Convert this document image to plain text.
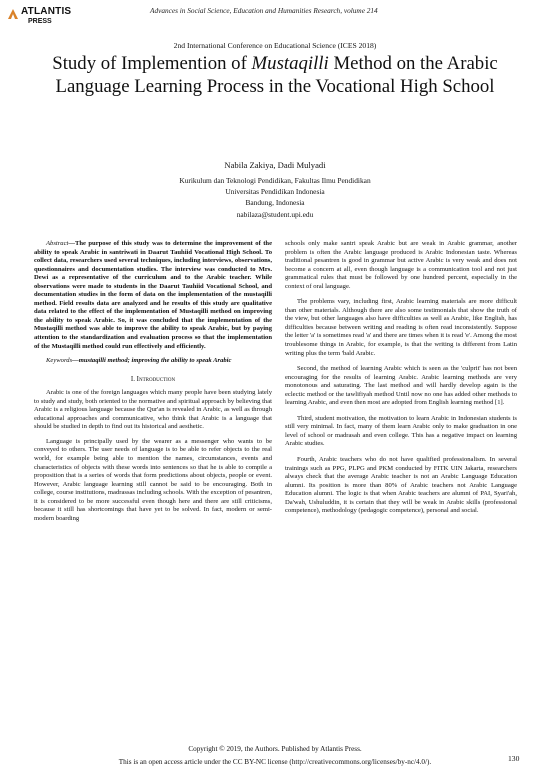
ATLANTIS
PRESS
Advances in Social Science, Education and Humanities Research, volume 214
2nd International Conference on Educational Science (ICES 2018)
Study of Implemention of Mustaqilli Method on the Arabic Language Learning Process in the Vocational High School
Nabila Zakiya, Dadi Mulyadi
Kurikulum dan Teknologi Pendidikan, Fakultas Ilmu Pendidikan
Universitas Pendidikan Indonesia
Bandung, Indonesia
nabilaza@student.upi.edu

Abstract—The purpose of this study was to determine the improvement of the ability to speak Arabic in santriwati in Daarut Tauhiid Vocational High School. To collect data, researchers used several techniques, including interviews, observations, questionnaires and documentation studies. The interview was conducted to Mrs. Dewi as a representative of the curriculum and to the Arabic teacher. While observations were made to students in the Daarut Tauhiid Vocational School, and documentation studies in the form of data on the implementation of the mustaqilli method. Field results data are analyzed and he results of this study are qualitative data related to the effect of the implementation of Mustaqilli method on improving the ability to speak Arabic. So, it was concluded that the implementation of the Mustaqilli method was able to improve the ability to speak Arabic, but by paying attention to the standardization and evaluation process so that the implementation of the Mustaqilli method could run effectively and efficiently.

Keywords—mustaqilli method; improving the ability to speak Arabic

I. Introduction

Arabic is one of the foreign languages which many people have been studying lately to study and study, both oriented to the normative and spiritual approach by believing that Arabic is a religious language because the Qur'an is revealed in Arabic, as well as through educational approaches and communicative, who think that Arabic is a language that should be studied in depth to find out its historical and aesthetic.

Language is principally used by the wearer as a messenger who wants to be conveyed to others. The user needs of language is to be able to refer objects to the real world, for example being able to mention the names, circumstances, events and characteristics of objects with these words into sentences so that he is able to compile a proposition that is a series of words that form predictions about objects, people or event. However, Arabic language learning still cannot be said to be encouraging. Both in college, course institutions, madrassas including schools. With the exception of pesantren, it is considered to be more successful even though here and there are still criticisms, because it still has shortcomings that have yet to be solved. In fact, modern or semi-modern boarding

schools only make santri speak Arabic but are weak in Arabic grammar, another problem is often the Arabic language produced is Arabic Indonesian taste. Whereas traditional pesantren is good in grammar but active Arabic is very weak and does not become a concern at all, even though language is a communication tool and not just grammatical rules that must be followed by one hundred percent, especially in the context of oral language.

The problems vary, including first, Arabic learning materials are more difficult than other materials. Although there are also some testimonials that show the truth of the view, but other languages also have difficulties as well as Arabic, like English, has difficulties because between writing and reading is often read inconsistently. Suppose the letter 'a' is sometimes read 'a' and there are times when it is read 'e'. Among the most troublesome things in Arabic, for example, is that the writing is different from Latin writing plus the term 'bald Arabic.

Second, the method of learning Arabic which is seen as the 'culprit' has not been encouraging for the results of learning Arabic. Arabic learning methods are very monotonous and saturating. The last method and will hardly develop again is the eclectic method or the tawlifiyah method Until now no one has added other methods to learning Arabic, and even then most are adopted from English learning method [1].

Third, student motivation, the motivation to learn Arabic in Indonesian students is still very minimal. In fact, many of them learn Arabic only to make graduation in one level of school or madrasah and even college. This has a negative impact on learning Arabic studies.

Fourth, Arabic teachers who do not have qualified professionalism. In several trainings such as PPG, PLPG and PKM conducted by FITK UIN Jakarta, researchers always check that the average Arabic teacher is not an Arabic Language Education alumni. Its position is more than 80% of Arabic teachers not Arabic Language Education alumni. The logic is that when Arabic teachers are alumni of PAI, Syari'ah, Da'wah, Ushuluddin, it is certain that they will be weak in Arabic skills (professional competence), methodology (pedagogic competence), personal and social.

Copyright © 2019, the Authors. Published by Atlantis Press.
This is an open access article under the CC BY-NC license (http://creativecommons.org/licenses/by-nc/4.0/).	130
